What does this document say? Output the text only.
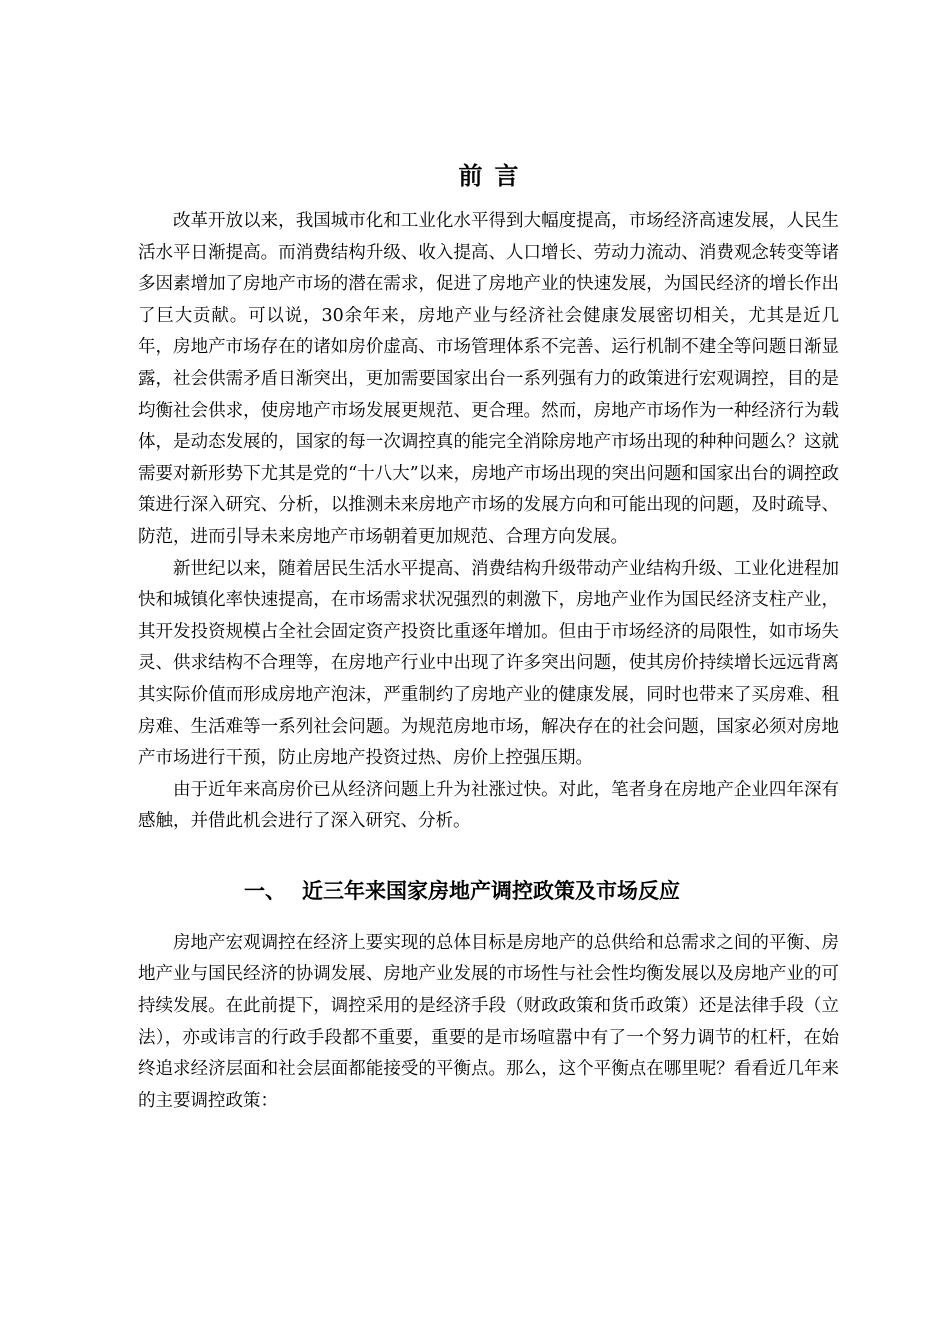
前言

改革开放以来，我国城市化和工业化水平得到大幅度提高，市场经济高速发展，人民生活水平日渐提高。而消费结构升级、收入提高、人口增长、劳动力流动、消费观念转变等诸多因素增加了房地产市场的潜在需求，促进了房地产业的快速发展，为国民经济的增长作出了巨大贡献。可以说，30余年来，房地产业与经济社会健康发展密切相关，尤其是近几年，房地产市场存在的诸如房价虚高、市场管理体系不完善、运行机制不建全等问题日渐显露，社会供需矛盾日渐突出，更加需要国家出台一系列强有力的政策进行宏观调控，目的是均衡社会供求，使房地产市场发展更规范、更合理。然而，房地产市场作为一种经济行为载体，是动态发展的，国家的每一次调控真的能完全消除房地产市场出现的种种问题么？这就需要对新形势下尤其是党的“十八大”以来，房地产市场出现的突出问题和国家出台的调控政策进行深入研究、分析，以推测未来房地产市场的发展方向和可能出现的问题，及时疏导、防范，进而引导未来房地产市场朝着更加规范、合理方向发展。

新世纪以来，随着居民生活水平提高、消费结构升级带动产业结构升级、工业化进程加快和城镇化率快速提高，在市场需求状况强烈的刺激下，房地产业作为国民经济支柱产业，其开发投资规模占全社会固定资产投资比重逐年增加。但由于市场经济的局限性，如市场失灵、供求结构不合理等，在房地产行业中出现了许多突出问题，使其房价持续增长远远背离其实际价值而形成房地产泡沫，严重制约了房地产业的健康发展，同时也带来了买房难、租房难、生活难等一系列社会问题。为规范房地市场，解决存在的社会问题，国家必须对房地产市场进行干预，防止房地产投资过热、房价上控强压期。

由于近年来高房价已从经济问题上升为社涨过快。对此，笔者身在房地产企业四年深有感触，并借此机会进行了深入研究、分析。

一、 近三年来国家房地产调控政策及市场反应

房地产宏观调控在经济上要实现的总体目标是房地产的总供给和总需求之间的平衡、房地产业与国民经济的协调发展、房地产业发展的市场性与社会性均衡发展以及房地产业的可持续发展。在此前提下，调控采用的是经济手段（财政政策和货币政策）还是法律手段（立法），亦或讳言的行政手段都不重要，重要的是市场喧嚣中有了一个努力调节的杠杆，在始终追求经济层面和社会层面都能接受的平衡点。那么，这个平衡点在哪里呢？看看近几年来的主要调控政策：
